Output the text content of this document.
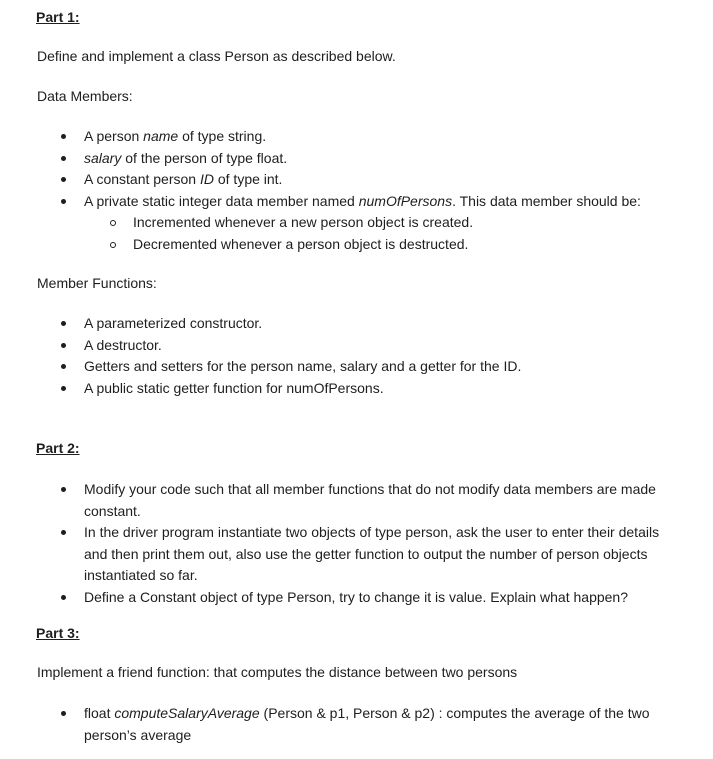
Part 1:
Define and implement a class Person as described below.
Data Members:
A person name of type string.
salary of the person of type float.
A constant person ID of type int.
A private static integer data member named numOfPersons. This data member should be:
Incremented whenever a new person object is created.
Decremented whenever a person object is destructed.
Member Functions:
A parameterized constructor.
A destructor.
Getters and setters for the person name, salary and a getter for the ID.
A public static getter function for numOfPersons.
Part 2:
Modify your code such that all member functions that do not modify data members are made constant.
In the driver program instantiate two objects of type person, ask the user to enter their details and then print them out, also use the getter function to output the number of person objects instantiated so far.
Define a Constant object of type Person, try to change it is value. Explain what happen?
Part 3:
Implement a friend function: that computes the distance between two persons
float computeSalaryAverage (Person & p1, Person & p2) : computes the average of the two person’s average
